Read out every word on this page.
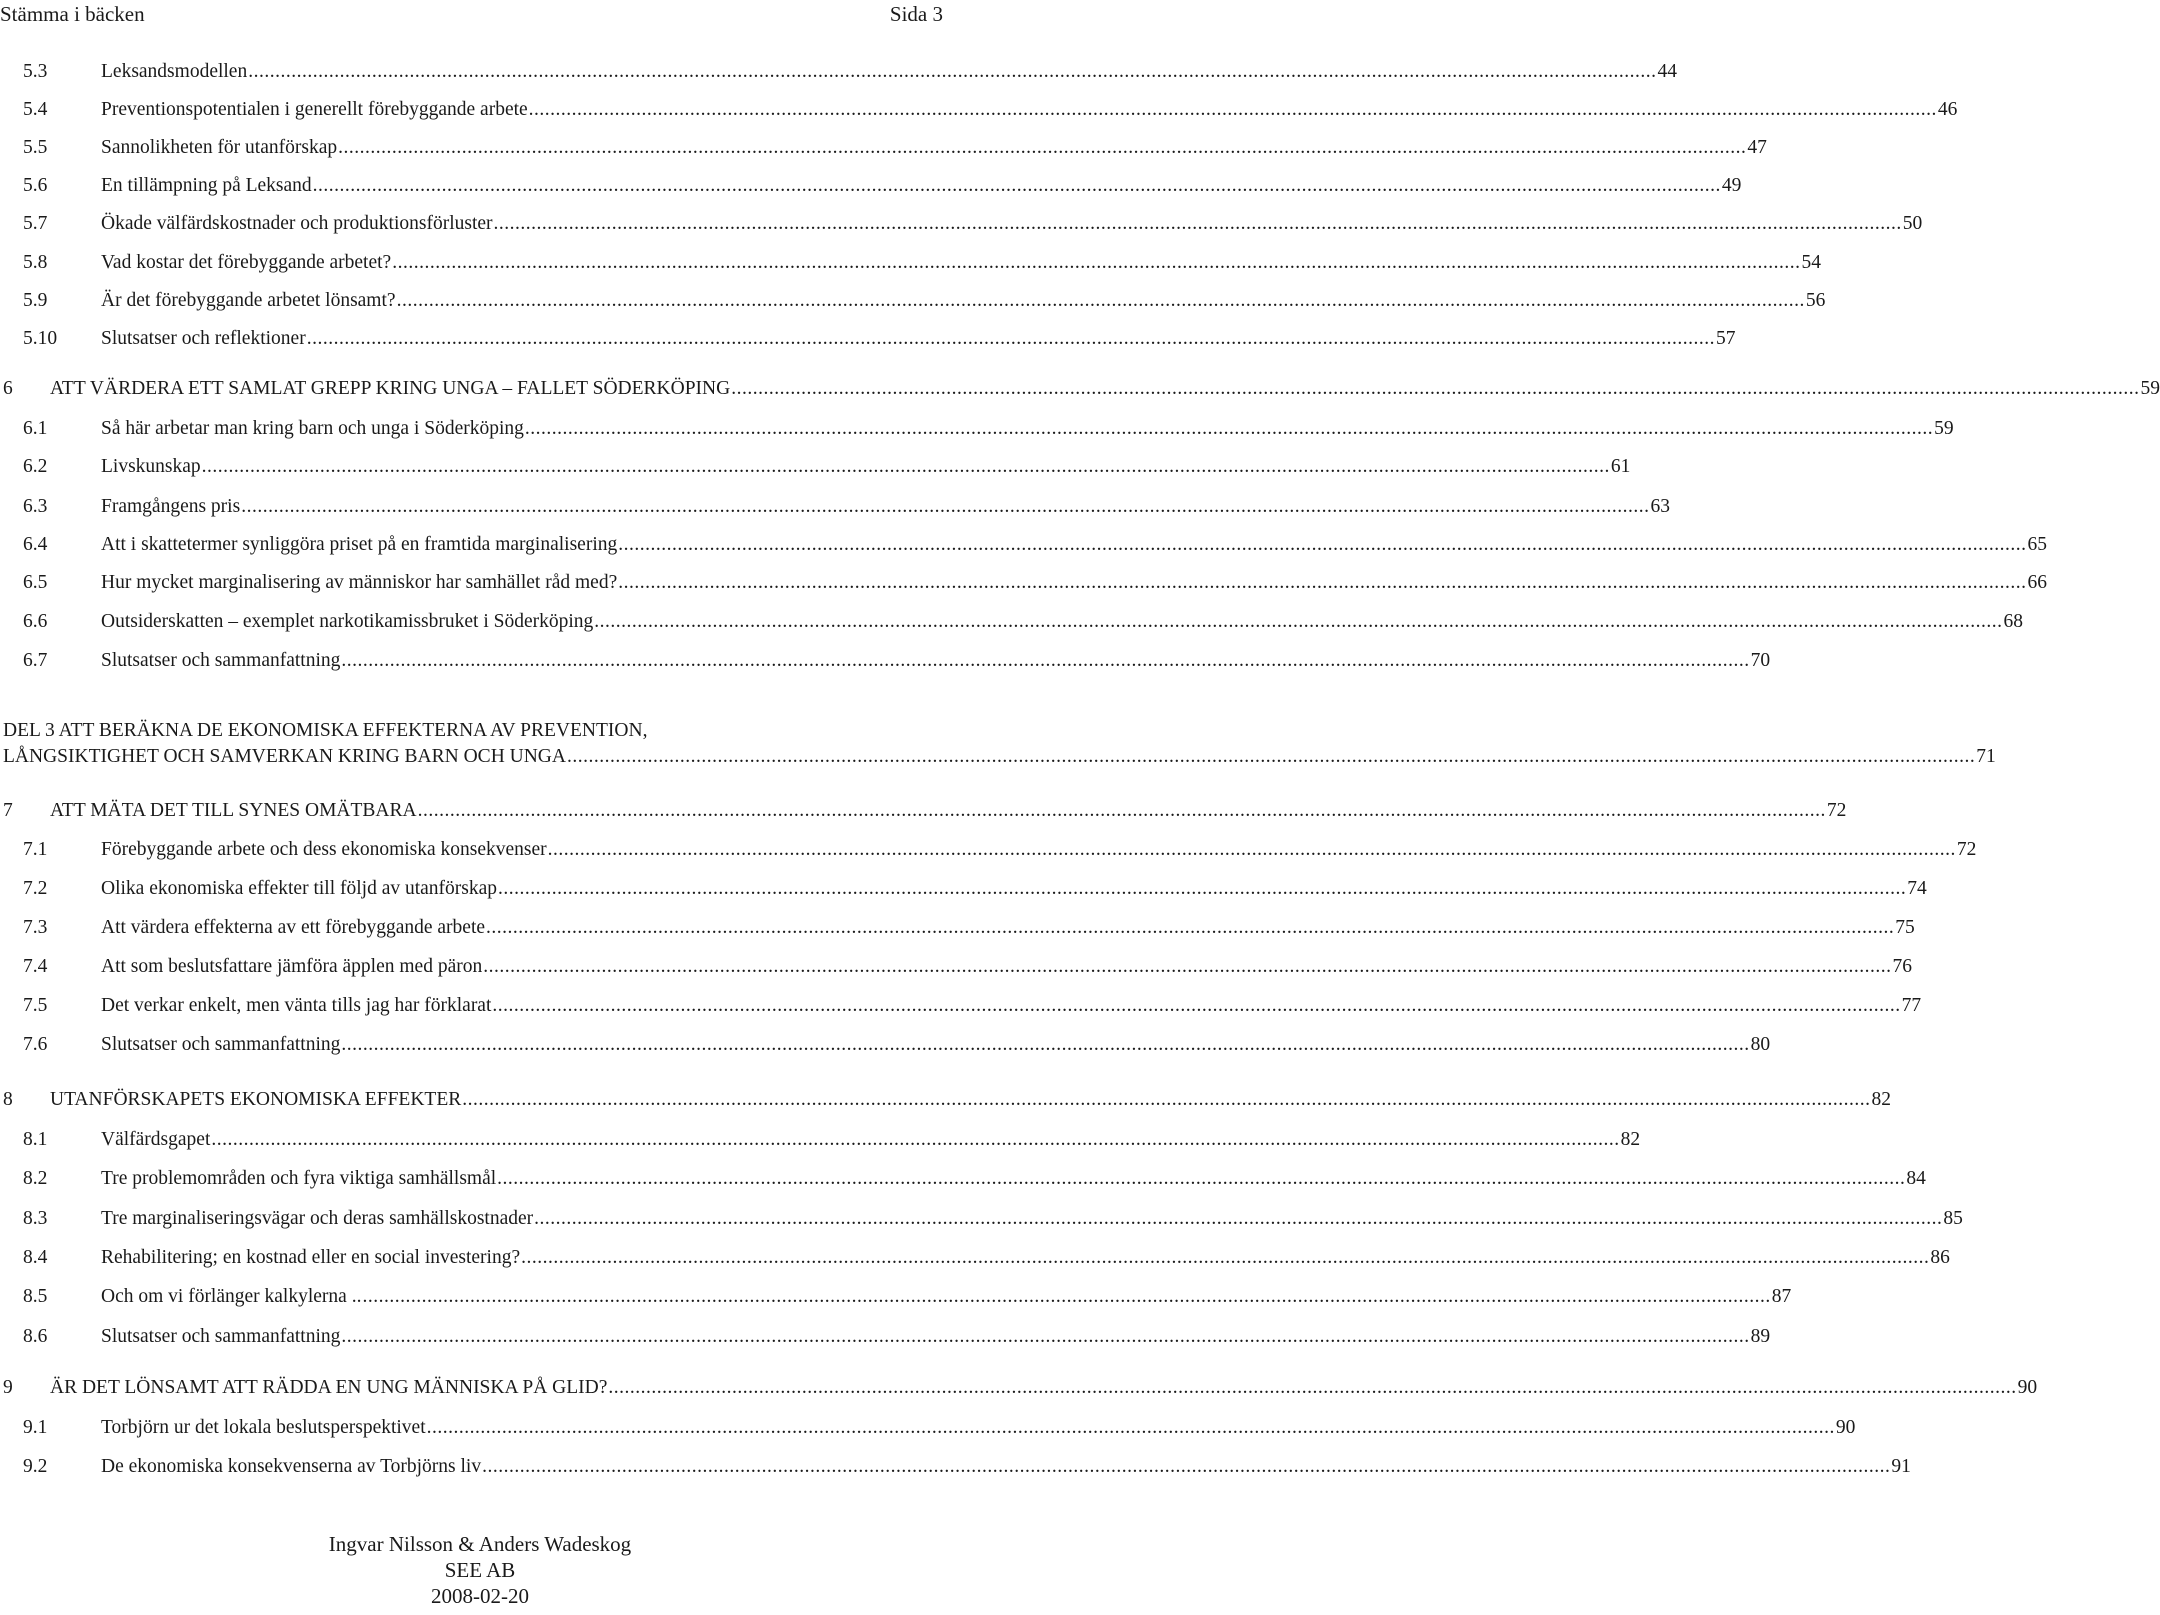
Stämma i bäcken	Sida 3
5.3	Leksandsmodellen ...................................................................................................................................................................................................................................................................... 44
5.4	Preventionspotentialen i generellt förebyggande arbete ...................................................................................................................................................................................................................................................................... 46
5.5	Sannolikheten för utanförskap ...................................................................................................................................................................................................................................................................... 47
5.6	En tillämpning på Leksand ...................................................................................................................................................................................................................................................................... 49
5.7	Ökade välfärdskostnader och produktionsförluster ...................................................................................................................................................................................................................................................................... 50
5.8	Vad kostar det förebyggande arbetet? ...................................................................................................................................................................................................................................................................... 54
5.9	Är det förebyggande arbetet lönsamt? ...................................................................................................................................................................................................................................................................... 56
5.10 Slutsatser och reflektioner ...................................................................................................................................................................................................................................................................... 57
6 ATT VÄRDERA ETT SAMLAT GREPP KRING UNGA – FALLET SÖDERKÖPING ...................................................................................................................................................................................................................................................................... 59
6.1	Så här arbetar man kring barn och unga i Söderköping ...................................................................................................................................................................................................................................................................... 59
6.2	Livskunskap ...................................................................................................................................................................................................................................................................... 61
6.3	Framgångens pris ...................................................................................................................................................................................................................................................................... 63
6.4	Att i skattetermer synliggöra priset på en framtida marginalisering ...................................................................................................................................................................................................................................................................... 65
6.5	Hur mycket marginalisering av människor har samhället råd med? ...................................................................................................................................................................................................................................................................... 66
6.6	Outsiderskatten – exemplet narkotikamissbruket i Söderköping ...................................................................................................................................................................................................................................................................... 68
6.7	Slutsatser och sammanfattning ...................................................................................................................................................................................................................................................................... 70
DEL 3 ATT BERÄKNA DE EKONOMISKA EFFEKTERNA AV PREVENTION,
LÅNGSIKTIGHET OCH SAMVERKAN KRING BARN OCH UNGA ...................................................................................................................................................................................................................................................................... 71
7 ATT MÄTA DET TILL SYNES OMÄTBARA ...................................................................................................................................................................................................................................................................... 72
7.1	Förebyggande arbete och dess ekonomiska konsekvenser ...................................................................................................................................................................................................................................................................... 72
7.2	Olika ekonomiska effekter till följd av utanförskap ...................................................................................................................................................................................................................................................................... 74
7.3	Att värdera effekterna av ett förebyggande arbete ...................................................................................................................................................................................................................................................................... 75
7.4	Att som beslutsfattare jämföra äpplen med päron ...................................................................................................................................................................................................................................................................... 76
7.5	Det verkar enkelt, men vänta tills jag har förklarat ...................................................................................................................................................................................................................................................................... 77
7.6	Slutsatser och sammanfattning ...................................................................................................................................................................................................................................................................... 80
8 UTANFÖRSKAPETS EKONOMISKA EFFEKTER ...................................................................................................................................................................................................................................................................... 82
8.1	Välfärdsgapet ...................................................................................................................................................................................................................................................................... 82
8.2	Tre problemområden och fyra viktiga samhällsmål ...................................................................................................................................................................................................................................................................... 84
8.3	Tre marginaliseringsvägar och deras samhällskostnader ...................................................................................................................................................................................................................................................................... 85
8.4	Rehabilitering; en kostnad eller en social investering? ...................................................................................................................................................................................................................................................................... 86
8.5	Och om vi förlänger kalkylerna .. ...................................................................................................................................................................................................................................................................... 87
8.6	Slutsatser och sammanfattning ...................................................................................................................................................................................................................................................................... 89
9 ÄR DET LÖNSAMT ATT RÄDDA EN UNG MÄNNISKA PÅ GLID? ...................................................................................................................................................................................................................................................................... 90
9.1	Torbjörn ur det lokala beslutsperspektivet ...................................................................................................................................................................................................................................................................... 90
9.2	De ekonomiska konsekvenserna av Torbjörns liv ...................................................................................................................................................................................................................................................................... 91
Ingvar Nilsson & Anders Wadeskog
SEE AB
2008-02-20
